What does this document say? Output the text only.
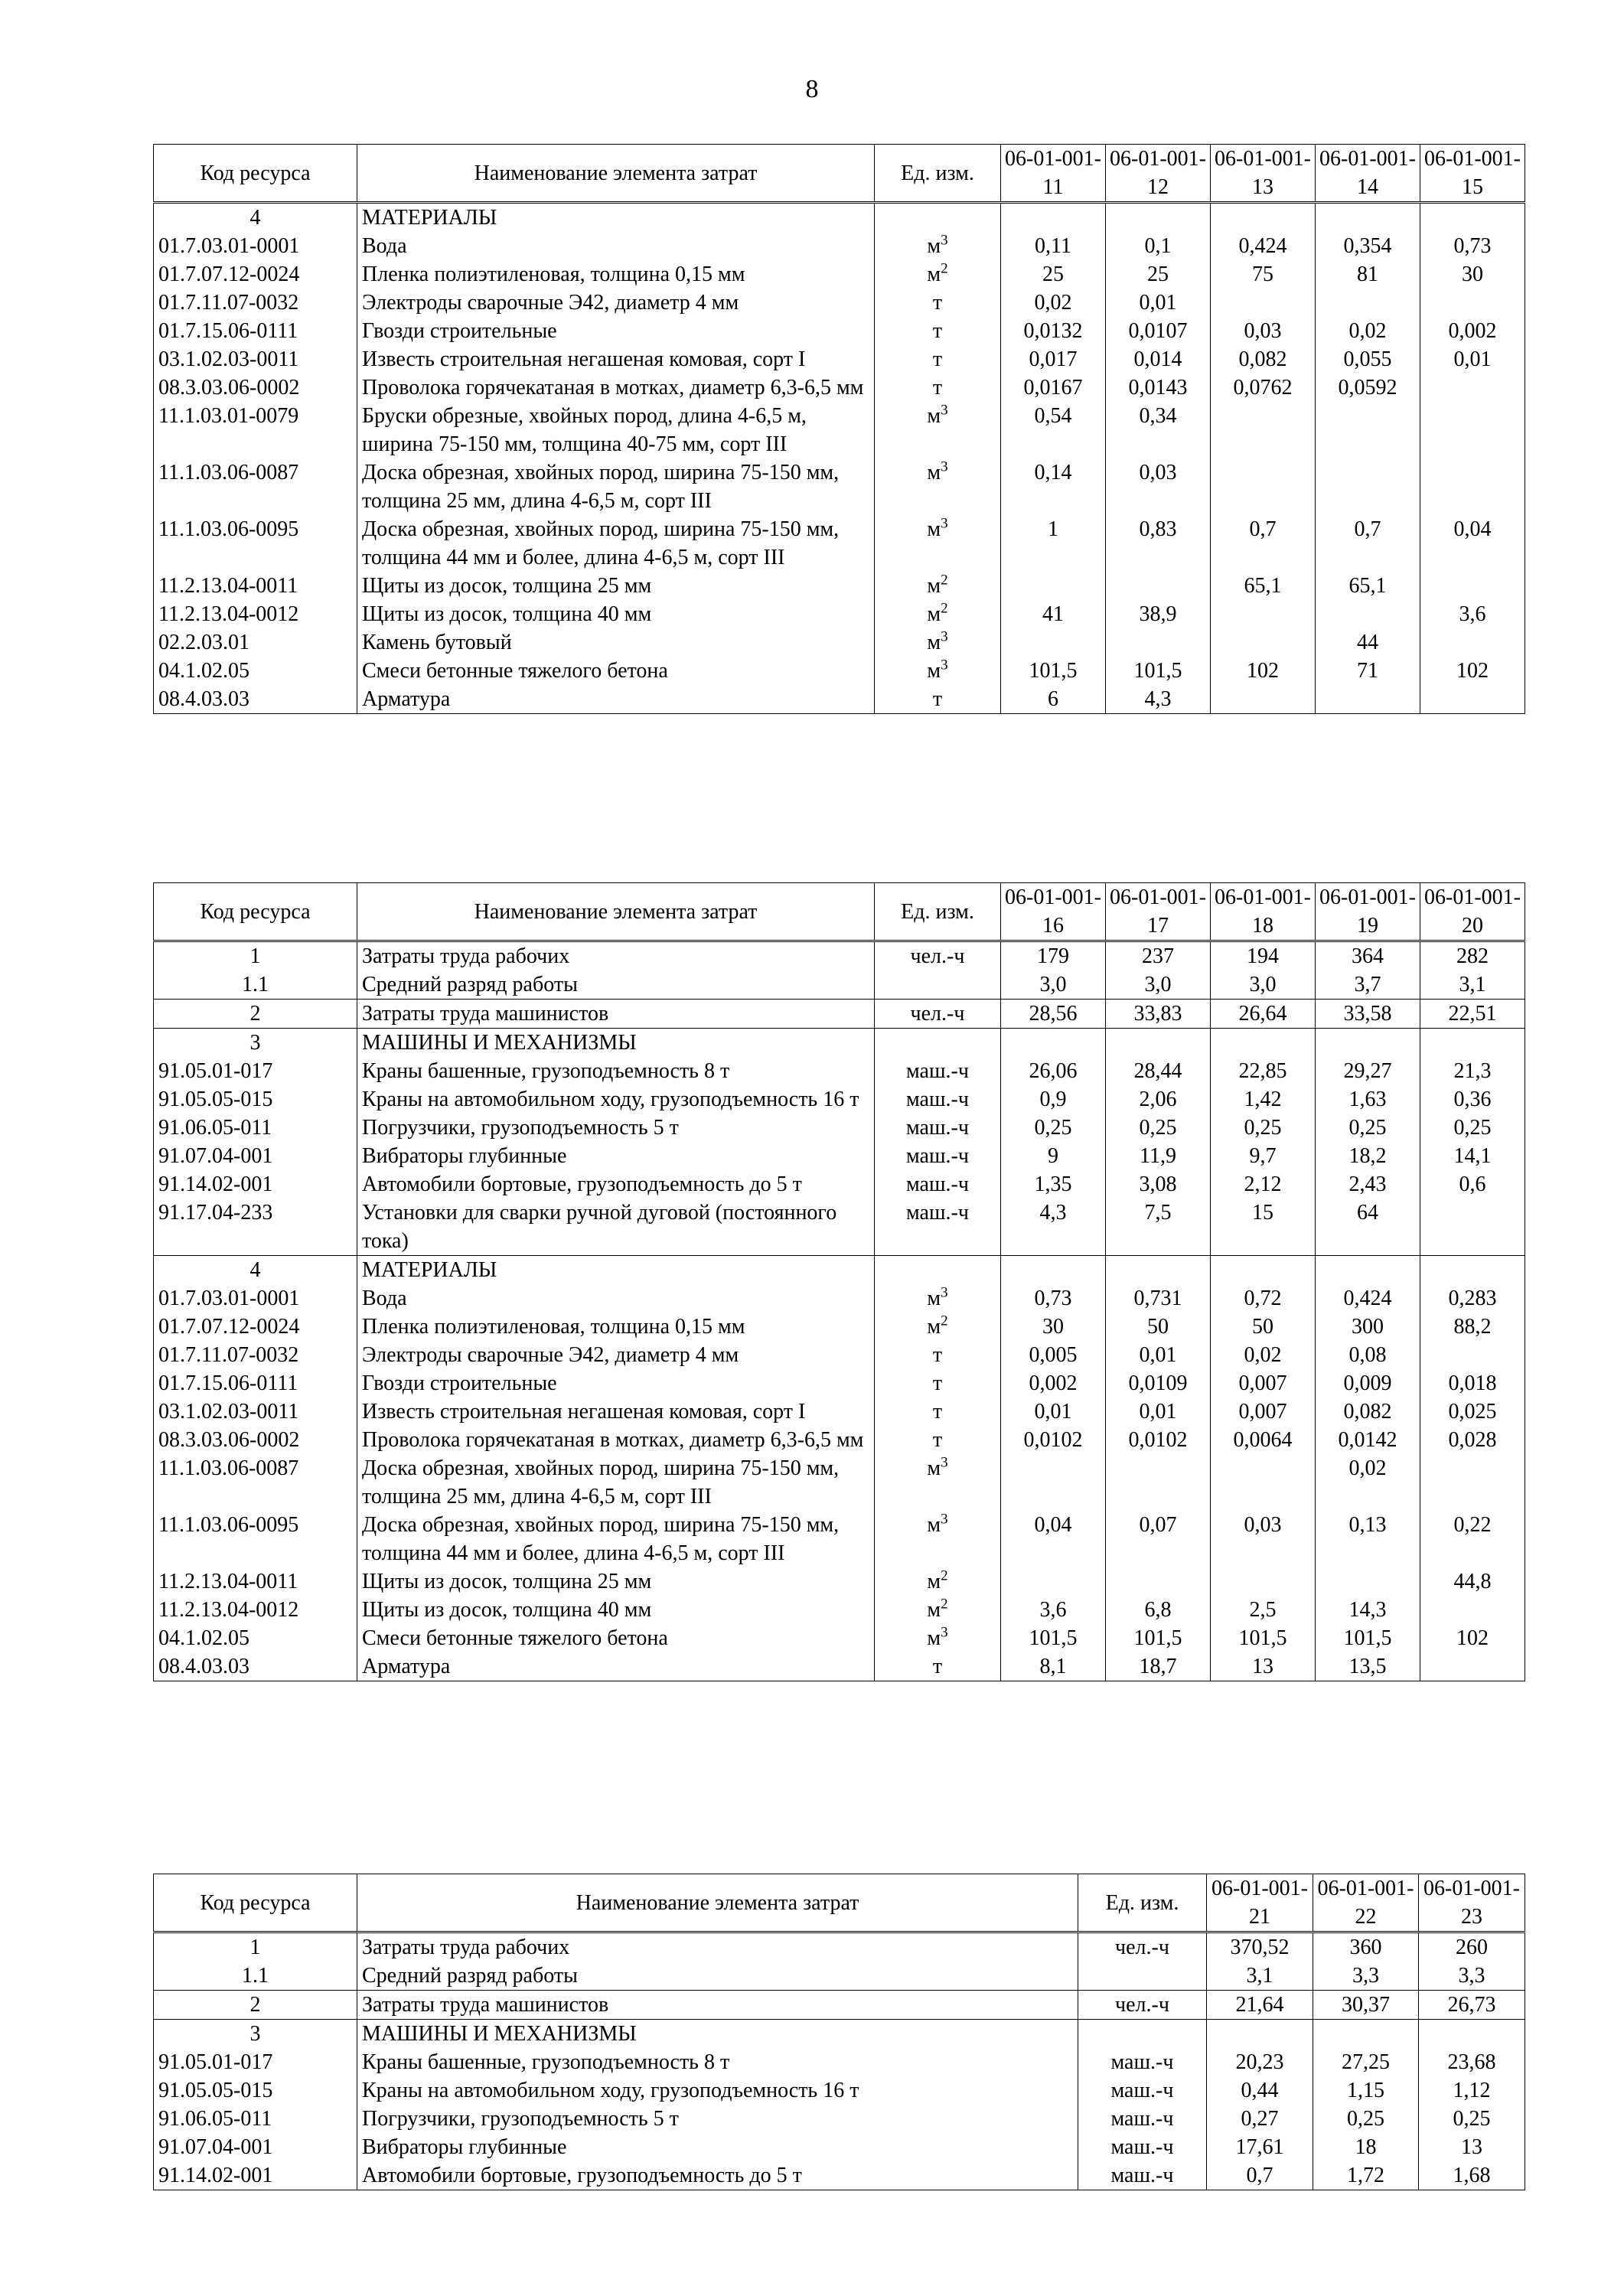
8
Код ресурса	Наименование элемента затрат	Ед. изм.	06-01-001-11	06-01-001-12	06-01-001-13	06-01-001-14	06-01-001-15
4	МАТЕРИАЛЫ						
01.7.03.01-0001	Вода	$м^3$	0,11	0,1	0,424	0,354	0,73
01.7.07.12-0024	Пленка полиэтиленовая, толщина 0,15 мм	$м^2$	25	25	75	81	30
01.7.11.07-0032	Электроды сварочные Э42, диаметр 4 мм	т	0,02	0,01			
01.7.15.06-0111	Гвозди строительные	т	0,0132	0,0107	0,03	0,02	0,002
03.1.02.03-0011	Известь строительная негашеная комовая, сорт I	т	0,017	0,014	0,082	0,055	0,01
08.3.03.06-0002	Проволока горячекатаная в мотках, диаметр 6,3-6,5 мм	т	0,0167	0,0143	0,0762	0,0592	
11.1.03.01-0079	Бруски обрезные, хвойных пород, длина 4-6,5 м, ширина 75-150 мм, толщина 40-75 мм, сорт III	$м^3$	0,54	0,34			
11.1.03.06-0087	Доска обрезная, хвойных пород, ширина 75-150 мм, толщина 25 мм, длина 4-6,5 м, сорт III	$м^3$	0,14	0,03			
11.1.03.06-0095	Доска обрезная, хвойных пород, ширина 75-150 мм, толщина 44 мм и более, длина 4-6,5 м, сорт III	$м^3$	1	0,83	0,7	0,7	0,04
11.2.13.04-0011	Щиты из досок, толщина 25 мм	$м^2$			65,1	65,1	
11.2.13.04-0012	Щиты из досок, толщина 40 мм	$м^2$	41	38,9			3,6
02.2.03.01	Камень бутовый	$м^3$				44	
04.1.02.05	Смеси бетонные тяжелого бетона	$м^3$	101,5	101,5	102	71	102
08.4.03.03	Арматура	т	6	4,3			
Код ресурса	Наименование элемента затрат	Ед. изм.	06-01-001-16	06-01-001-17	06-01-001-18	06-01-001-19	06-01-001-20
1	Затраты труда рабочих	чел.-ч	179	237	194	364	282
1.1	Средний разряд работы		3,0	3,0	3,0	3,7	3,1
2	Затраты труда машинистов	чел.-ч	28,56	33,83	26,64	33,58	22,51
3	МАШИНЫ И МЕХАНИЗМЫ						
91.05.01-017	Краны башенные, грузоподъемность 8 т	маш.-ч	26,06	28,44	22,85	29,27	21,3
91.05.05-015	Краны на автомобильном ходу, грузоподъемность 16 т	маш.-ч	0,9	2,06	1,42	1,63	0,36
91.06.05-011	Погрузчики, грузоподъемность 5 т	маш.-ч	0,25	0,25	0,25	0,25	0,25
91.07.04-001	Вибраторы глубинные	маш.-ч	9	11,9	9,7	18,2	14,1
91.14.02-001	Автомобили бортовые, грузоподъемность до 5 т	маш.-ч	1,35	3,08	2,12	2,43	0,6
91.17.04-233	Установки для сварки ручной дуговой (постоянного тока)	маш.-ч	4,3	7,5	15	64	
4	МАТЕРИАЛЫ						
01.7.03.01-0001	Вода	$м^3$	0,73	0,731	0,72	0,424	0,283
01.7.07.12-0024	Пленка полиэтиленовая, толщина 0,15 мм	$м^2$	30	50	50	300	88,2
01.7.11.07-0032	Электроды сварочные Э42, диаметр 4 мм	т	0,005	0,01	0,02	0,08	
01.7.15.06-0111	Гвозди строительные	т	0,002	0,0109	0,007	0,009	0,018
03.1.02.03-0011	Известь строительная негашеная комовая, сорт I	т	0,01	0,01	0,007	0,082	0,025
08.3.03.06-0002	Проволока горячекатаная в мотках, диаметр 6,3-6,5 мм	т	0,0102	0,0102	0,0064	0,0142	0,028
11.1.03.06-0087	Доска обрезная, хвойных пород, ширина 75-150 мм, толщина 25 мм, длина 4-6,5 м, сорт III	$м^3$				0,02	
11.1.03.06-0095	Доска обрезная, хвойных пород, ширина 75-150 мм, толщина 44 мм и более, длина 4-6,5 м, сорт III	$м^3$	0,04	0,07	0,03	0,13	0,22
11.2.13.04-0011	Щиты из досок, толщина 25 мм	$м^2$					44,8
11.2.13.04-0012	Щиты из досок, толщина 40 мм	$м^2$	3,6	6,8	2,5	14,3	
04.1.02.05	Смеси бетонные тяжелого бетона	$м^3$	101,5	101,5	101,5	101,5	102
08.4.03.03	Арматура	т	8,1	18,7	13	13,5	
Код ресурса	Наименование элемента затрат	Ед. изм.	06-01-001-21	06-01-001-22	06-01-001-23
1	Затраты труда рабочих	чел.-ч	370,52	360	260
1.1	Средний разряд работы		3,1	3,3	3,3
2	Затраты труда машинистов	чел.-ч	21,64	30,37	26,73
3	МАШИНЫ И МЕХАНИЗМЫ				
91.05.01-017	Краны башенные, грузоподъемность 8 т	маш.-ч	20,23	27,25	23,68
91.05.05-015	Краны на автомобильном ходу, грузоподъемность 16 т	маш.-ч	0,44	1,15	1,12
91.06.05-011	Погрузчики, грузоподъемность 5 т	маш.-ч	0,27	0,25	0,25
91.07.04-001	Вибраторы глубинные	маш.-ч	17,61	18	13
91.14.02-001	Автомобили бортовые, грузоподъемность до 5 т	маш.-ч	0,7	1,72	1,68
